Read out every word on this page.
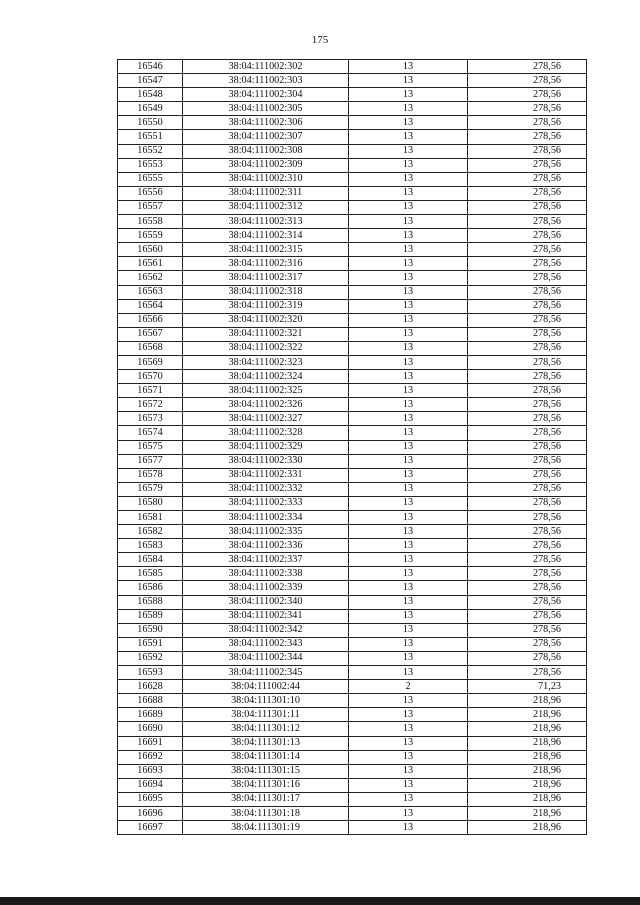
175
16546	38:04:111002:302	13	278,56
16547	38:04:111002:303	13	278,56
16548	38:04:111002:304	13	278,56
16549	38:04:111002:305	13	278,56
16550	38:04:111002:306	13	278,56
16551	38:04:111002:307	13	278,56
16552	38:04:111002:308	13	278,56
16553	38:04:111002:309	13	278,56
16555	38:04:111002:310	13	278,56
16556	38:04:111002:311	13	278,56
16557	38:04:111002:312	13	278,56
16558	38:04:111002:313	13	278,56
16559	38:04:111002:314	13	278,56
16560	38:04:111002:315	13	278,56
16561	38:04:111002:316	13	278,56
16562	38:04:111002:317	13	278,56
16563	38:04:111002:318	13	278,56
16564	38:04:111002:319	13	278,56
16566	38:04:111002:320	13	278,56
16567	38:04:111002:321	13	278,56
16568	38:04:111002:322	13	278,56
16569	38:04:111002:323	13	278,56
16570	38:04:111002:324	13	278,56
16571	38:04:111002:325	13	278,56
16572	38:04:111002:326	13	278,56
16573	38:04:111002:327	13	278,56
16574	38:04:111002:328	13	278,56
16575	38:04:111002:329	13	278,56
16577	38:04:111002:330	13	278,56
16578	38:04:111002:331	13	278,56
16579	38:04:111002:332	13	278,56
16580	38:04:111002:333	13	278,56
16581	38:04:111002:334	13	278,56
16582	38:04:111002:335	13	278,56
16583	38:04:111002:336	13	278,56
16584	38:04:111002:337	13	278,56
16585	38:04:111002:338	13	278,56
16586	38:04:111002:339	13	278,56
16588	38:04:111002:340	13	278,56
16589	38:04:111002:341	13	278,56
16590	38:04:111002:342	13	278,56
16591	38:04:111002:343	13	278,56
16592	38:04:111002:344	13	278,56
16593	38:04:111002:345	13	278,56
16628	38:04:111002:44	2	71,23
16688	38:04:111301:10	13	218,96
16689	38:04:111301:11	13	218,96
16690	38:04:111301:12	13	218,96
16691	38:04:111301:13	13	218,96
16692	38:04:111301:14	13	218,96
16693	38:04:111301:15	13	218,96
16694	38:04:111301:16	13	218,96
16695	38:04:111301:17	13	218,96
16696	38:04:111301:18	13	218,96
16697	38:04:111301:19	13	218,96
